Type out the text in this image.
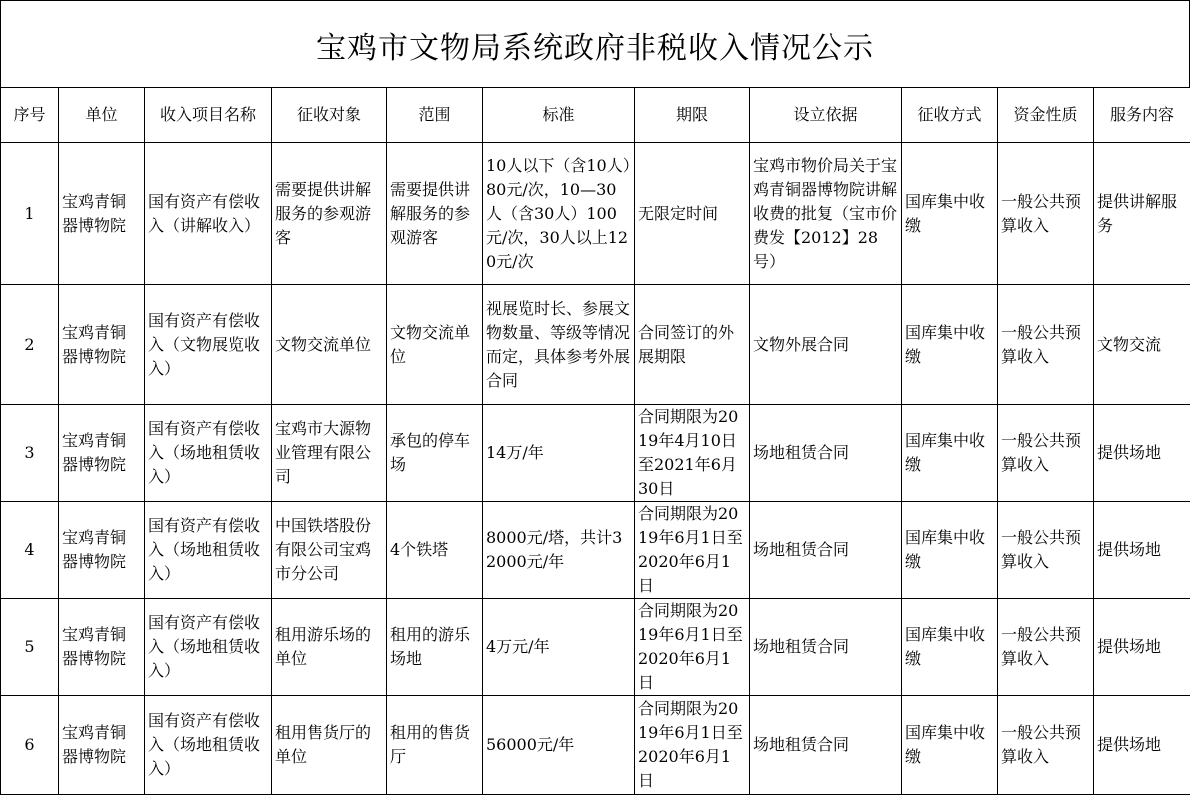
宝鸡市文物局系统政府非税收入情况公示
序号	单位	收入项目名称	征收对象	范围	标准	期限	设立依据	征收方式	资金性质	服务内容
1	宝鸡青铜器博物院	国有资产有偿收入（讲解收入）	需要提供讲解服务的参观游客	需要提供讲解服务的参观游客	10人以下（含10人）80元/次，10—30人（含30人）100元/次，30人以上120元/次	无限定时间	宝鸡市物价局关于宝鸡青铜器博物院讲解收费的批复（宝市价费发【2012】28号）	国库集中收缴	一般公共预算收入	提供讲解服务
2	宝鸡青铜器博物院	国有资产有偿收入（文物展览收入）	文物交流单位	文物交流单位	视展览时长、参展文物数量、等级等情况而定，具体参考外展合同	合同签订的外展期限	文物外展合同	国库集中收缴	一般公共预算收入	文物交流
3	宝鸡青铜器博物院	国有资产有偿收入（场地租赁收入）	宝鸡市大源物业管理有限公司	承包的停车场	14万/年	合同期限为2019年4月10日至2021年6月30日	场地租赁合同	国库集中收缴	一般公共预算收入	提供场地
4	宝鸡青铜器博物院	国有资产有偿收入（场地租赁收入）	中国铁塔股份有限公司宝鸡市分公司	4个铁塔	8000元/塔，共计32000元/年	合同期限为2019年6月1日至2020年6月1日	场地租赁合同	国库集中收缴	一般公共预算收入	提供场地
5	宝鸡青铜器博物院	国有资产有偿收入（场地租赁收入）	租用游乐场的单位	租用的游乐场地	4万元/年	合同期限为2019年6月1日至2020年6月1日	场地租赁合同	国库集中收缴	一般公共预算收入	提供场地
6	宝鸡青铜器博物院	国有资产有偿收入（场地租赁收入）	租用售货厅的单位	租用的售货厅	56000元/年	合同期限为2019年6月1日至2020年6月1日	场地租赁合同	国库集中收缴	一般公共预算收入	提供场地
